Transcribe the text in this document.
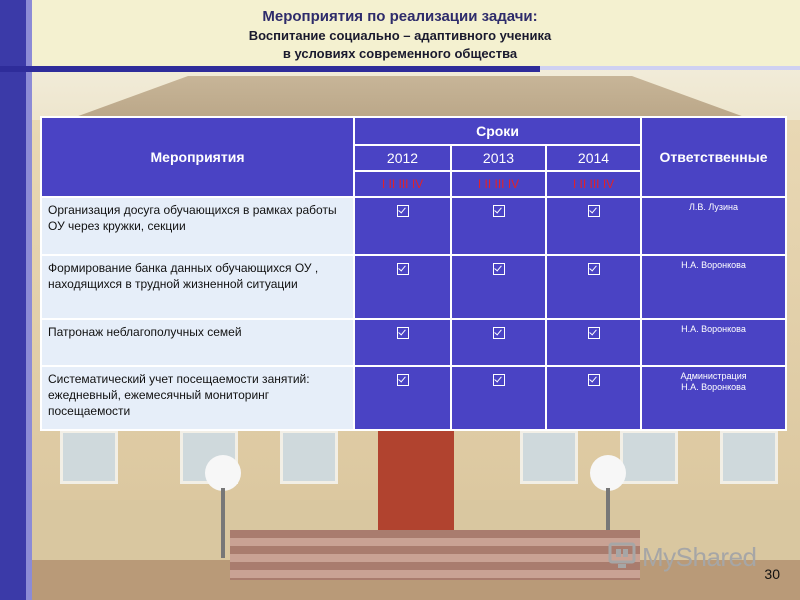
Мероприятия по реализации задачи:
Воспитание социально – адаптивного ученика
в условиях современного общества
Мероприятия	Сроки			Ответственные
	2012	2013	2014	
	I II III IV	I II III IV	I II III IV	
Организация досуга обучающихся в рамках работы ОУ через кружки, секции				Л.В. Лузина
Формирование банка данных обучающихся ОУ , находящихся в трудной жизненной ситуации				Н.А. Воронкова
Патронаж неблагополучных семей				Н.А. Воронкова
Систематический учет посещаемости занятий: ежедневный, ежемесячный мониторинг посещаемости				Администрация
Н.А. Воронкова
MyShared
30
